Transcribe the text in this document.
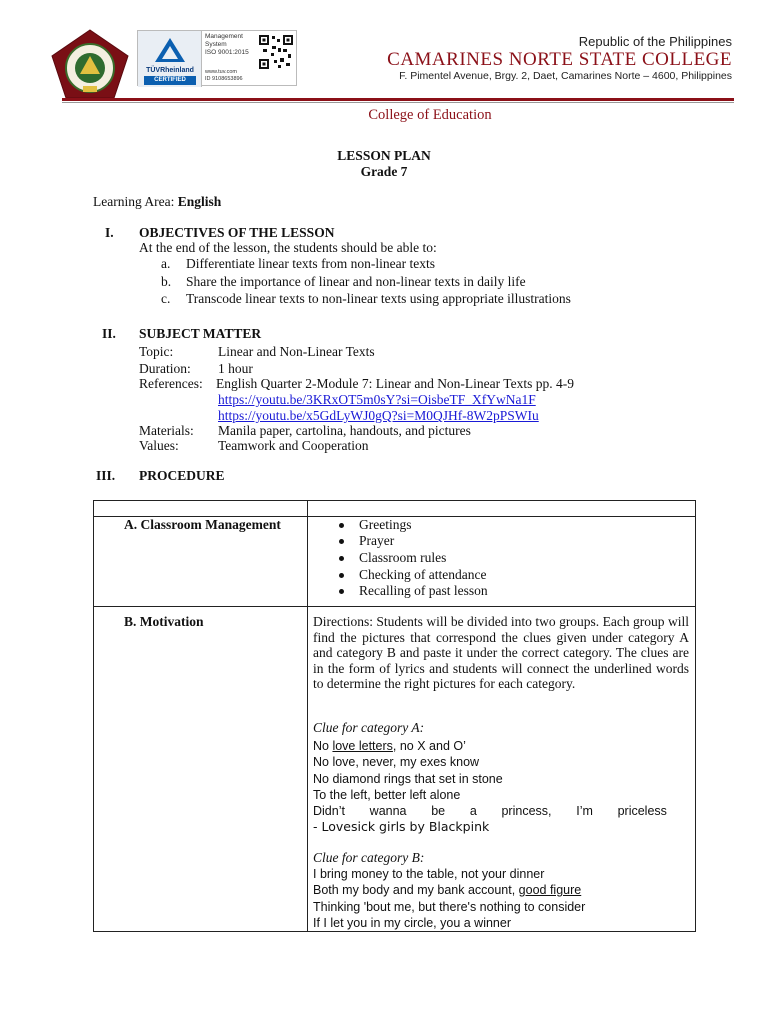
TÜVRheinland
CERTIFIED
Management
System
ISO 9001:2015
www.tuv.com
ID 9108653896
Republic of the Philippines
CAMARINES NORTE STATE COLLEGE
F. Pimentel Avenue, Brgy. 2, Daet, Camarines Norte – 4600, Philippines
College of Education
LESSON PLAN
Grade 7
Learning Area: English
I. OBJECTIVES OF THE LESSON
At the end of the lesson, the students should be able to:
a. Differentiate linear texts from non-linear texts
b. Share the importance of linear and non-linear texts in daily life
c. Transcode linear texts to non-linear texts using appropriate illustrations
II. SUBJECT MATTER
Topic:	Linear and Non-Linear Texts
Duration: 1 hour
References: English Quarter 2-Module 7: Linear and Non-Linear Texts pp. 4-9
https://youtu.be/3KRxOT5m0sY?si=OisbeTF_XfYwNa1F
https://youtu.be/x5GdLyWJ0gQ?si=M0QJHf-8W2pPSWIu
Materials: Manila paper, cartolina, handouts, and pictures
Values:	Teamwork and Cooperation
III. PROCEDURE
A. Classroom Management	Greetings
Prayer
Classroom rules
Checking of attendance
Recalling of past lesson
B. Motivation	Directions: Students will be divided into two groups. Each group will find the pictures that correspond the clues given under category A and category B and paste it under the correct category. The clues are in the form of lyrics and students will connect the underlined words to determine the right pictures for each category.
Clue for category A:
No love letters, no X and O’
No love, never, my exes know
No diamond rings that set in stone
To the left, better left alone
Didn’t wanna be a princess, I’m priceless
- Lovesick girls by Blackpink
Clue for category B:
I bring money to the table, not your dinner
Both my body and my bank account, good figure
Thinking 'bout me, but there's nothing to consider
If I let you in my circle, you a winner
